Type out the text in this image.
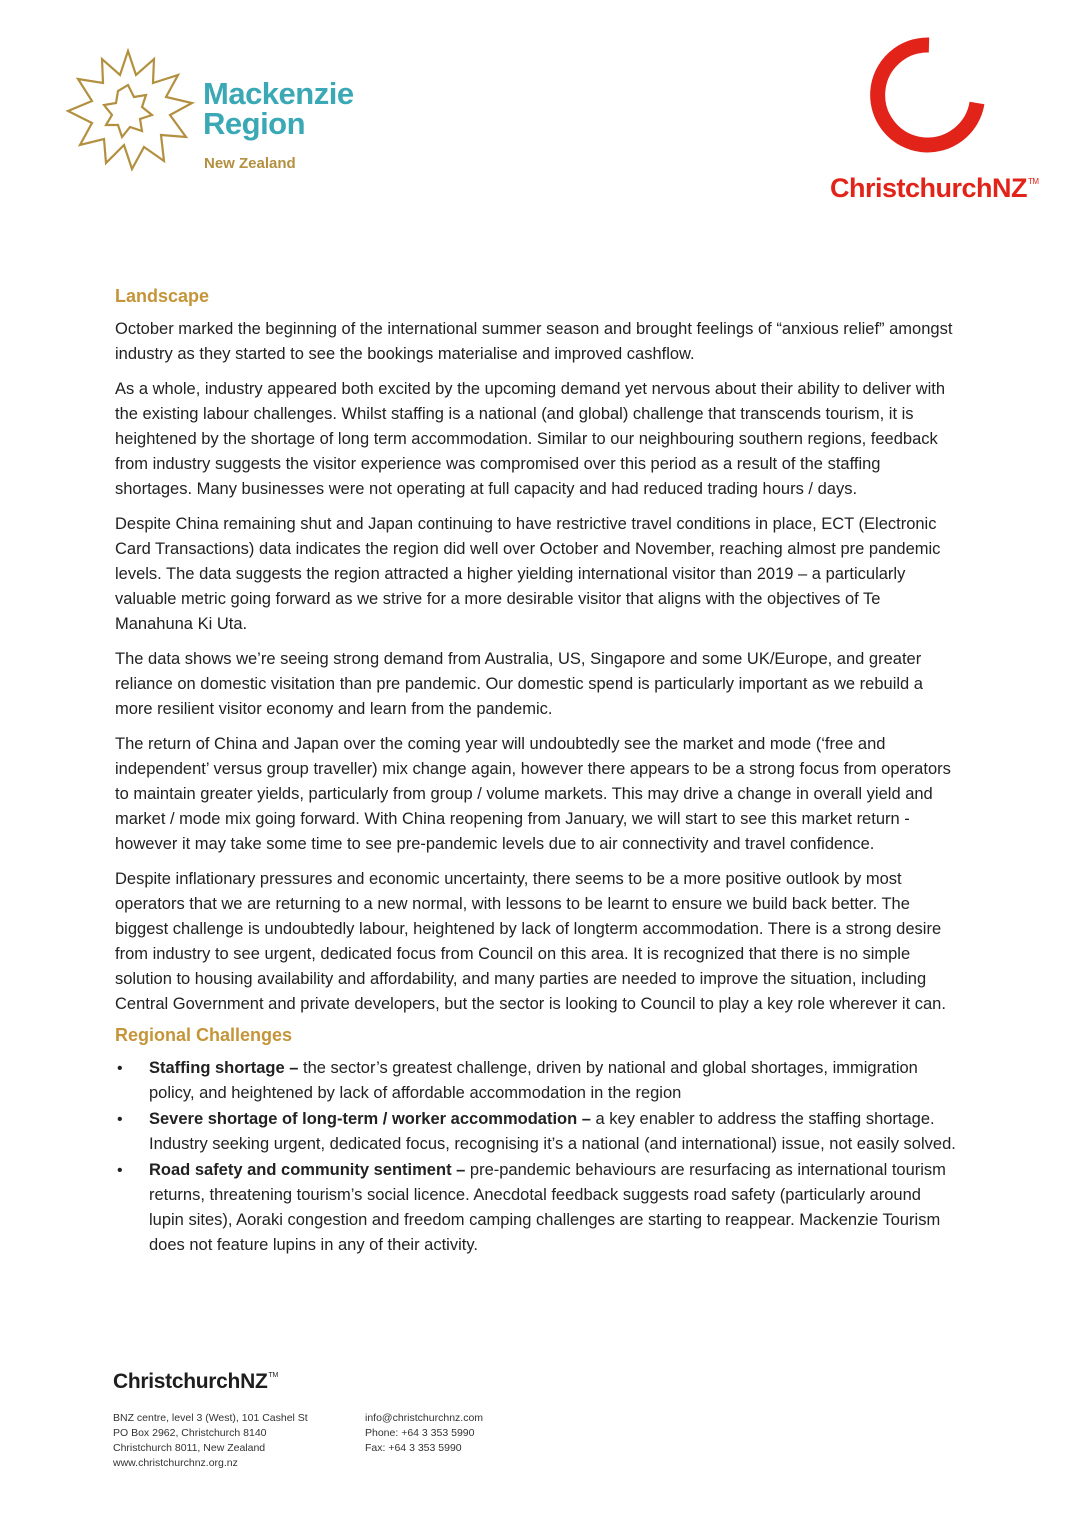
Mackenzie
Region
New Zealand
ChristchurchNZ™
Landscape

October marked the beginning of the international summer season and brought feelings of “anxious relief” amongst industry as they started to see the bookings materialise and improved cashflow.

As a whole, industry appeared both excited by the upcoming demand yet nervous about their ability to deliver with the existing labour challenges. Whilst staffing is a national (and global) challenge that transcends tourism, it is heightened by the shortage of long term accommodation. Similar to our neighbouring southern regions, feedback from industry suggests the visitor experience was compromised over this period as a result of the staffing shortages. Many businesses were not operating at full capacity and had reduced trading hours / days.

Despite China remaining shut and Japan continuing to have restrictive travel conditions in place, ECT (Electronic Card Transactions) data indicates the region did well over October and November, reaching almost pre pandemic levels. The data suggests the region attracted a higher yielding international visitor than 2019 – a particularly valuable metric going forward as we strive for a more desirable visitor that aligns with the objectives of Te Manahuna Ki Uta.

The data shows we’re seeing strong demand from Australia, US, Singapore and some UK/Europe, and greater reliance on domestic visitation than pre pandemic. Our domestic spend is particularly important as we rebuild a more resilient visitor economy and learn from the pandemic.

The return of China and Japan over the coming year will undoubtedly see the market and mode (‘free and independent’ versus group traveller) mix change again, however there appears to be a strong focus from operators to maintain greater yields, particularly from group / volume markets. This may drive a change in overall yield and market / mode mix going forward. With China reopening from January, we will start to see this market return - however it may take some time to see pre-pandemic levels due to air connectivity and travel confidence.

Despite inflationary pressures and economic uncertainty, there seems to be a more positive outlook by most operators that we are returning to a new normal, with lessons to be learnt to ensure we build back better. The biggest challenge is undoubtedly labour, heightened by lack of longterm accommodation. There is a strong desire from industry to see urgent, dedicated focus from Council on this area. It is recognized that there is no simple solution to housing availability and affordability, and many parties are needed to improve the situation, including Central Government and private developers, but the sector is looking to Council to play a key role wherever it can.

Regional Challenges
• Staffing shortage – the sector’s greatest challenge, driven by national and global shortages, immigration policy, and heightened by lack of affordable accommodation in the region
• Severe shortage of long-term / worker accommodation – a key enabler to address the staffing shortage. Industry seeking urgent, dedicated focus, recognising it’s a national (and international) issue, not easily solved.
• Road safety and community sentiment – pre-pandemic behaviours are resurfacing as international tourism returns, threatening tourism’s social licence. Anecdotal feedback suggests road safety (particularly around lupin sites), Aoraki congestion and freedom camping challenges are starting to reappear. Mackenzie Tourism does not feature lupins in any of their activity.
ChristchurchNZ™
BNZ centre, level 3 (West), 101 Cashel St
PO Box 2962, Christchurch 8140
Christchurch 8011, New Zealand
www.christchurchnz.org.nz
info@christchurchnz.com
Phone: +64 3 353 5990
Fax: +64 3 353 5990
